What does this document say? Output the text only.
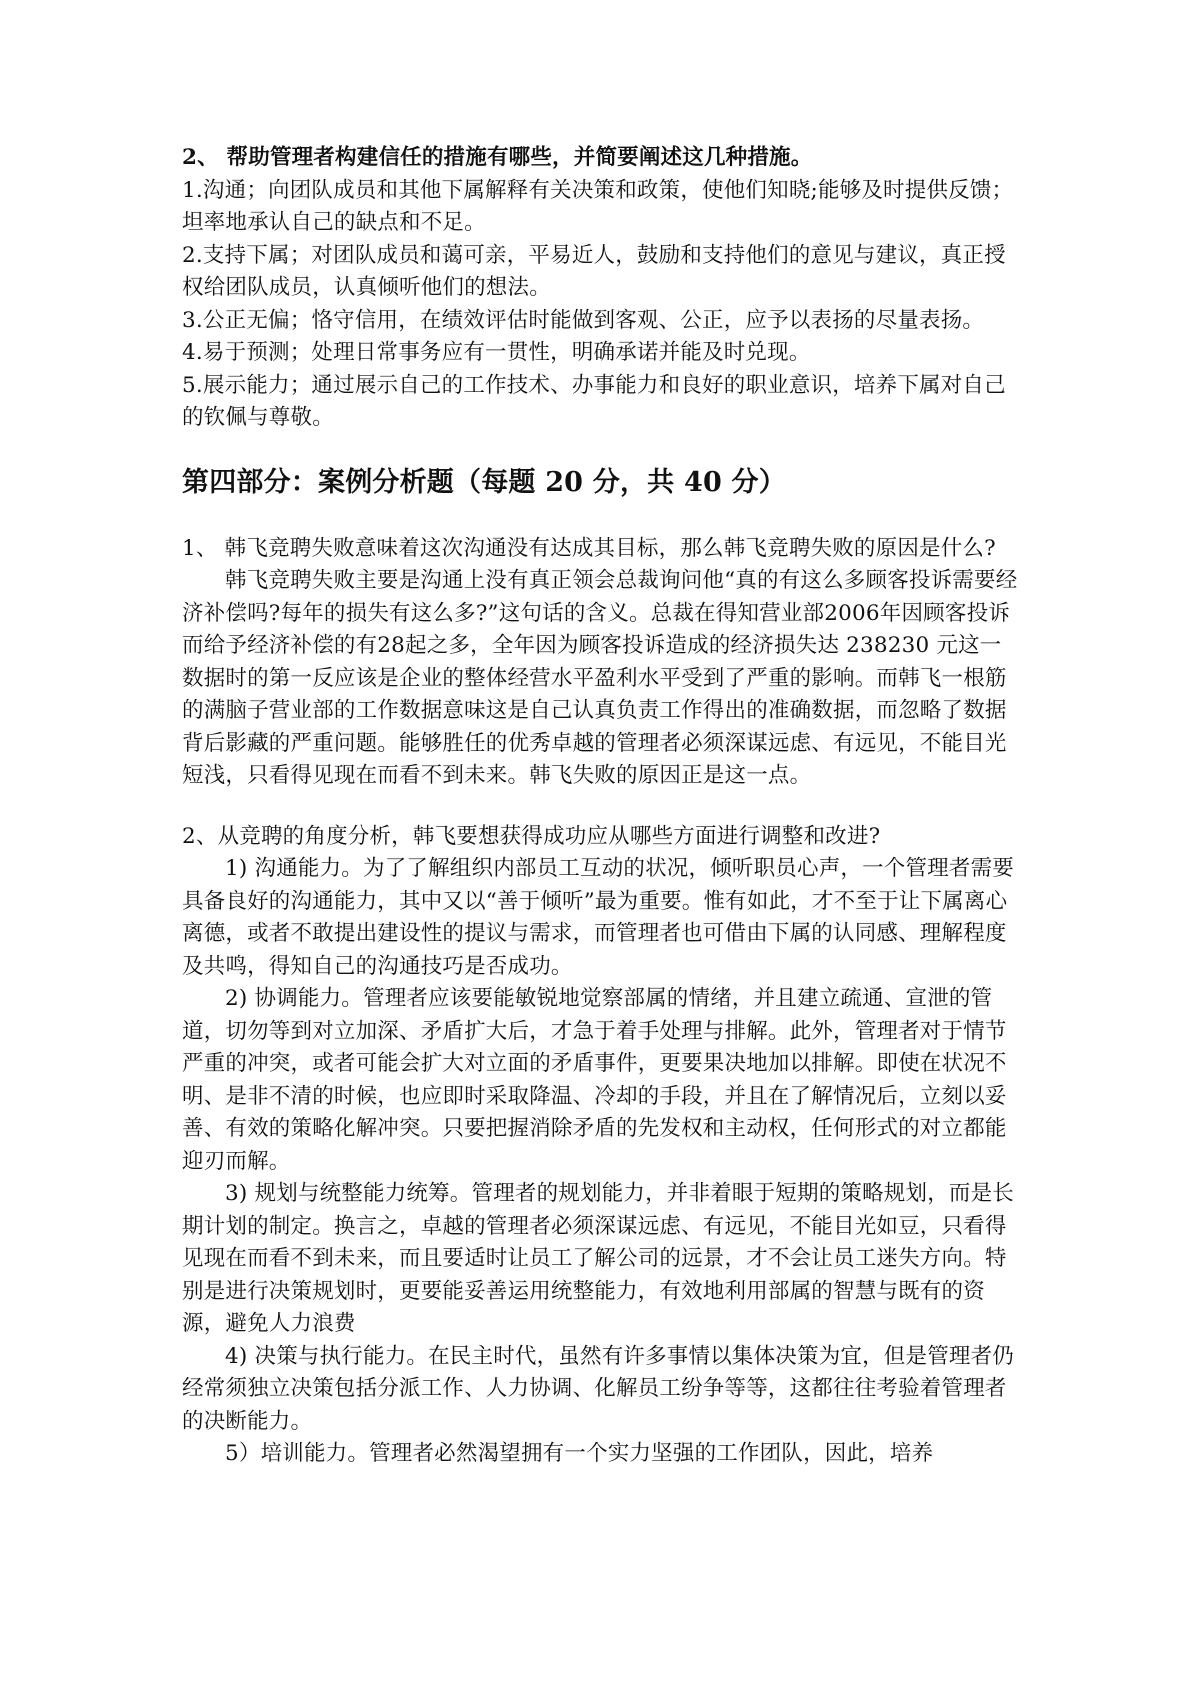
2、 帮助管理者构建信任的措施有哪些，并简要阐述这几种措施。

1.沟通；向团队成员和其他下属解释有关决策和政策，使他们知晓;能够及时提供反馈；坦率地承认自己的缺点和不足。

2.支持下属；对团队成员和蔼可亲，平易近人，鼓励和支持他们的意见与建议，真正授权给团队成员，认真倾听他们的想法。

3.公正无偏；恪守信用，在绩效评估时能做到客观、公正，应予以表扬的尽量表扬。

4.易于预测；处理日常事务应有一贯性，明确承诺并能及时兑现。

5.展示能力；通过展示自己的工作技术、办事能力和良好的职业意识，培养下属对自己的钦佩与尊敬。

第四部分：案例分析题（每题 20 分，共 40 分）

1、 韩飞竞聘失败意味着这次沟通没有达成其目标，那么韩飞竞聘失败的原因是什么?

韩飞竞聘失败主要是沟通上没有真正领会总裁询问他“真的有这么多顾客投诉需要经济补偿吗?每年的损失有这么多?”这句话的含义。总裁在得知营业部2006年因顾客投诉而给予经济补偿的有28起之多，全年因为顾客投诉造成的经济损失达 238230 元这一数据时的第一反应该是企业的整体经营水平盈利水平受到了严重的影响。而韩飞一根筋的满脑子营业部的工作数据意味这是自己认真负责工作得出的准确数据，而忽略了数据背后影藏的严重问题。能够胜任的优秀卓越的管理者必须深谋远虑、有远见，不能目光短浅，只看得见现在而看不到未来。韩飞失败的原因正是这一点。

2、从竞聘的角度分析，韩飞要想获得成功应从哪些方面进行调整和改进?

1) 沟通能力。为了了解组织内部员工互动的状况，倾听职员心声，一个管理者需要具备良好的沟通能力，其中又以“善于倾听”最为重要。惟有如此，才不至于让下属离心离德，或者不敢提出建设性的提议与需求，而管理者也可借由下属的认同感、理解程度及共鸣，得知自己的沟通技巧是否成功。

2) 协调能力。管理者应该要能敏锐地觉察部属的情绪，并且建立疏通、宣泄的管道，切勿等到对立加深、矛盾扩大后，才急于着手处理与排解。此外，管理者对于情节严重的冲突，或者可能会扩大对立面的矛盾事件，更要果决地加以排解。即使在状况不明、是非不清的时候，也应即时采取降温、冷却的手段，并且在了解情况后，立刻以妥善、有效的策略化解冲突。只要把握消除矛盾的先发权和主动权，任何形式的对立都能迎刃而解。

3) 规划与统整能力统筹。管理者的规划能力，并非着眼于短期的策略规划，而是长期计划的制定。换言之，卓越的管理者必须深谋远虑、有远见，不能目光如豆，只看得见现在而看不到未来，而且要适时让员工了解公司的远景，才不会让员工迷失方向。特别是进行决策规划时，更要能妥善运用统整能力，有效地利用部属的智慧与既有的资源，避免人力浪费

4) 决策与执行能力。在民主时代，虽然有许多事情以集体决策为宜，但是管理者仍经常须独立决策包括分派工作、人力协调、化解员工纷争等等，这都往往考验着管理者的决断能力。

5）培训能力。管理者必然渴望拥有一个实力坚强的工作团队，因此，培养
